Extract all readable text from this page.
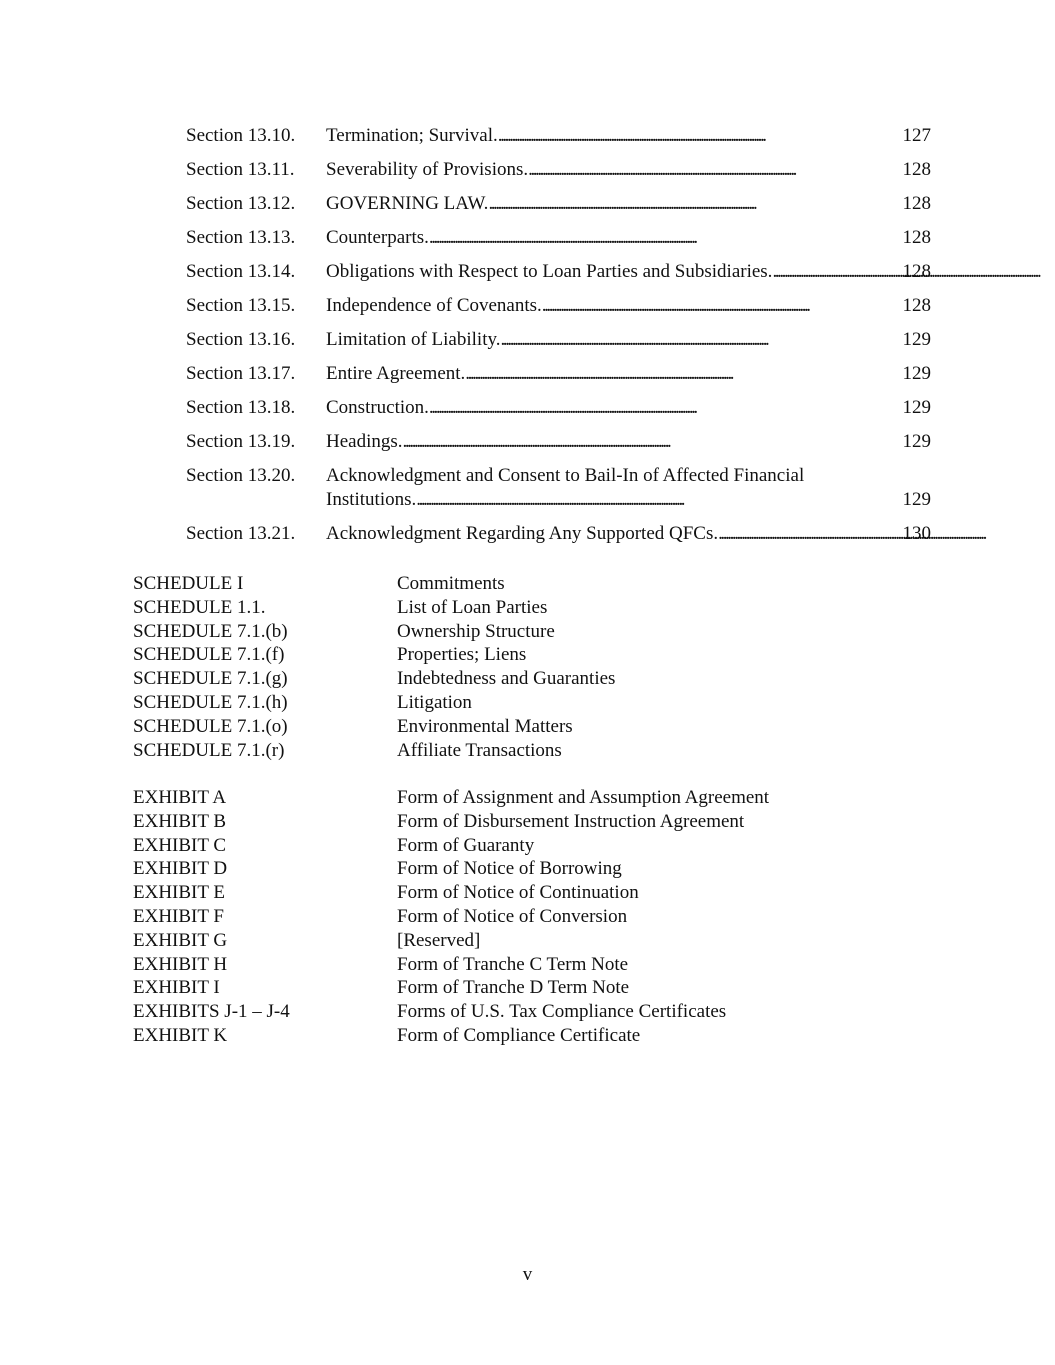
Section 13.10.	Termination; Survival. . . .	127
Section 13.11.	Severability of Provisions. . . .	128
Section 13.12.	GOVERNING LAW. . . .	128
Section 13.13.	Counterparts. . . .	128
Section 13.14.	Obligations with Respect to Loan Parties and Subsidiaries. . . .	128
Section 13.15.	Independence of Covenants. . . .	128
Section 13.16.	Limitation of Liability. . . .	129
Section 13.17.	Entire Agreement. . . .	129
Section 13.18.	Construction. . . .	129
Section 13.19.	Headings. . . .	129
Section 13.20.	Acknowledgment and Consent to Bail-In of Affected Financial
Institutions. . . .	129
Section 13.21.	Acknowledgment Regarding Any Supported QFCs. . . .	130
SCHEDULE I	Commitments
SCHEDULE 1.1.	List of Loan Parties
SCHEDULE 7.1.(b)	Ownership Structure
SCHEDULE 7.1.(f)	Properties; Liens
SCHEDULE 7.1.(g)	Indebtedness and Guaranties
SCHEDULE 7.1.(h)	Litigation
SCHEDULE 7.1.(o)	Environmental Matters
SCHEDULE 7.1.(r)	Affiliate Transactions
EXHIBIT A	Form of Assignment and Assumption Agreement
EXHIBIT B	Form of Disbursement Instruction Agreement
EXHIBIT C	Form of Guaranty
EXHIBIT D	Form of Notice of Borrowing
EXHIBIT E	Form of Notice of Continuation
EXHIBIT F	Form of Notice of Conversion
EXHIBIT G	[Reserved]
EXHIBIT H	Form of Tranche C Term Note
EXHIBIT I	Form of Tranche D Term Note
EXHIBITS J-1 – J-4	Forms of U.S. Tax Compliance Certificates
EXHIBIT K	Form of Compliance Certificate
v
